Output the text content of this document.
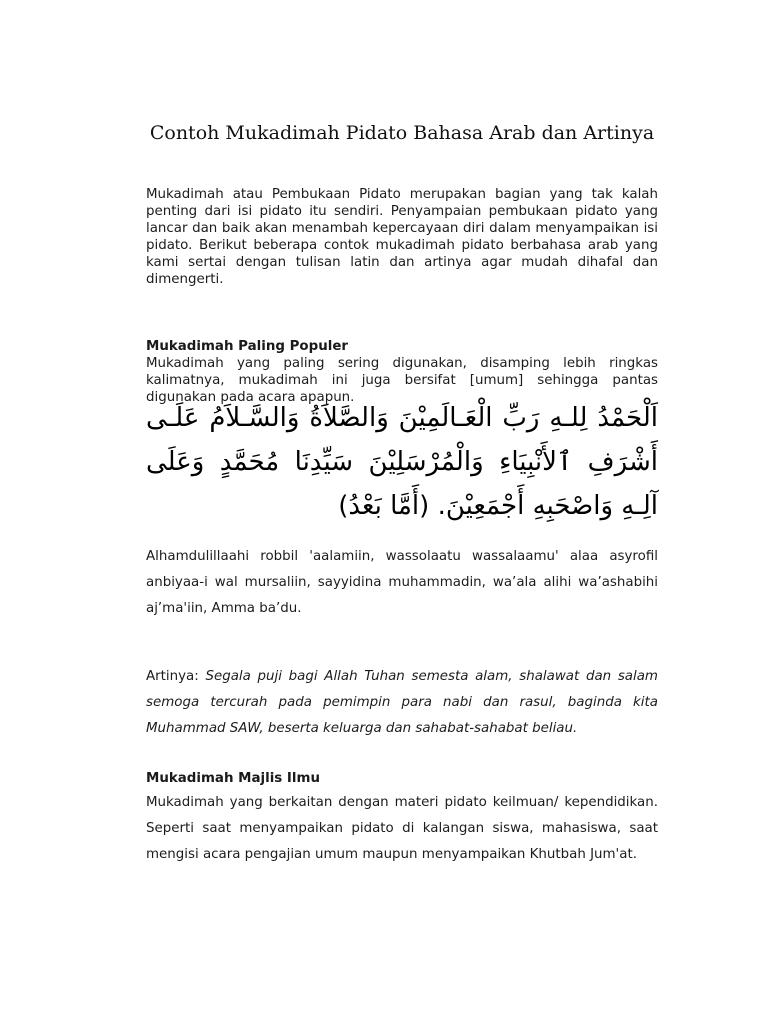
Contoh Mukadimah Pidato Bahasa Arab dan Artinya

Mukadimah atau Pembukaan Pidato merupakan bagian yang tak kalah penting dari isi pidato itu sendiri. Penyampaian pembukaan pidato yang lancar dan baik akan menambah kepercayaan diri dalam menyampaikan isi pidato. Berikut beberapa contok mukadimah pidato berbahasa arab yang kami sertai dengan tulisan latin dan artinya agar mudah dihafal dan dimengerti.

Mukadimah Paling Populer

Mukadimah yang paling sering digunakan, disamping lebih ringkas kalimatnya, mukadimah ini juga bersifat [umum] sehingga pantas digunakan pada acara apapun.

اَلْحَمْدُ لِلـهِ رَبِّ الْعَـالَمِيْنَ وَالصَّلاَةُ وَالسَّـلاَمُ عَلَـى أَشْرَفِ ٱلأَنْبِيَاءِ وَالْمُرْسَلِيْنَ سَيِّدِنَا مُحَمَّدٍ وَعَلَى آلِـهِ وَاصْحَبِهِ أَجْمَعِيْنَ. (أَمَّا بَعْدُ)

Alhamdulillaahi robbil 'aalamiin, wassolaatu wassalaamu' alaa asyrofil anbiyaa-i wal mursaliin, sayyidina muhammadin, wa’ala alihi wa’ashabihi aj’ma'iin, Amma ba’du.

Artinya: Segala puji bagi Allah Tuhan semesta alam, shalawat dan salam semoga tercurah pada pemimpin para nabi dan rasul, baginda kita Muhammad SAW, beserta keluarga dan sahabat-sahabat beliau.

Mukadimah Majlis Ilmu

Mukadimah yang berkaitan dengan materi pidato keilmuan/ kependidikan. Seperti saat menyampaikan pidato di kalangan siswa, mahasiswa, saat mengisi acara pengajian umum maupun menyampaikan Khutbah Jum'at.
